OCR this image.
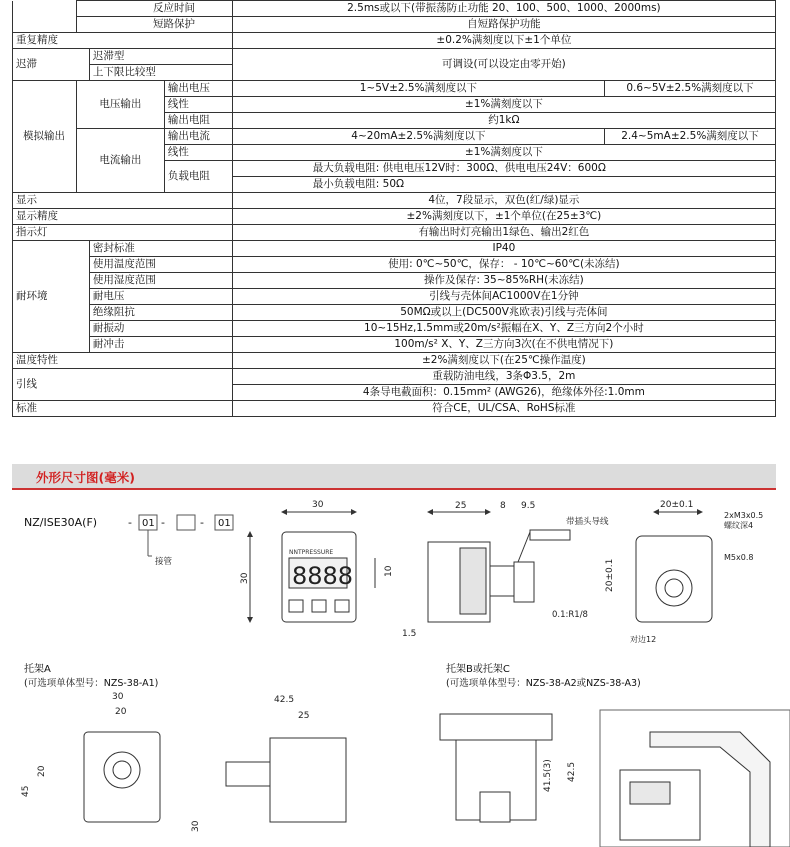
	反应时间			2.5ms或以下(带振荡防止功能 20、100、500、1000、2000ms)	
	短路保护			自短路保护功能	
重复精度				±0.2%满刻度以下±1个单位	
迟滞		迟滞型		可调设(可以设定由零开始)	
		上下限比较型			
模拟输出	电压输出		输出电压	1~5V±2.5%满刻度以下	0.6~5V±2.5%满刻度以下
			线性	±1%满刻度以下	
			输出电阻	约1kΩ	
	电流输出		输出电流	4~20mA±2.5%满刻度以下	2.4~5mA±2.5%满刻度以下
			线性	±1%满刻度以下	
			负载电阻	最大负载电阻: 供电电压12V时：300Ω、供电电压24V：600Ω	
				最小负载电阻: 50Ω	
显示				4位，7段显示，双色(红/绿)显示	
显示精度				±2%满刻度以下，±1个单位(在25±3℃)	
指示灯				有输出时灯亮输出1绿色、输出2红色	
耐环境		密封标准		IP40	
		使用温度范围		使用: 0℃~50℃，保存： - 10℃~60℃(未冻结)	
		使用湿度范围		操作及保存: 35~85%RH(未冻结)	
		耐电压		引线与壳体间AC1000V在1分钟	
		绝缘阻抗		50MΩ或以上(DC500V兆欧表)引线与壳体间	
		耐振动		10~15Hz,1.5mm或20m/s²振幅在X、Y、Z三方向2个小时	
		耐冲击		100m/s² X、Y、Z三方向3次(在不供电情况下)	
温度特性				±2%满刻度以下(在25℃操作温度)	
引线				重载防油电线，3条Φ3.5，2m	
				4条导电截面积：0.15mm² (AWG26)，绝缘体外径:1.0mm	
标准				符合CE，UL/CSA、RoHS标准	
外形尺寸图(毫米)
NZ/ISE30A(F)	- 01 -	- 01
接管
30
NNTPRESSURE
8888
30
10
25	8 9.5
带插头导线
0.1:R1/8
1.5
20±0.1
2xM3x0.5
螺纹深4
M5x0.8
20±0.1
对边12
托架A
(可选项单体型号：NZS-38-A1)
30
20
20
45
42.5
25
30
托架B或托架C
(可选项单体型号：NZS-38-A2或NZS-38-A3)
41.5(3) 42.5
